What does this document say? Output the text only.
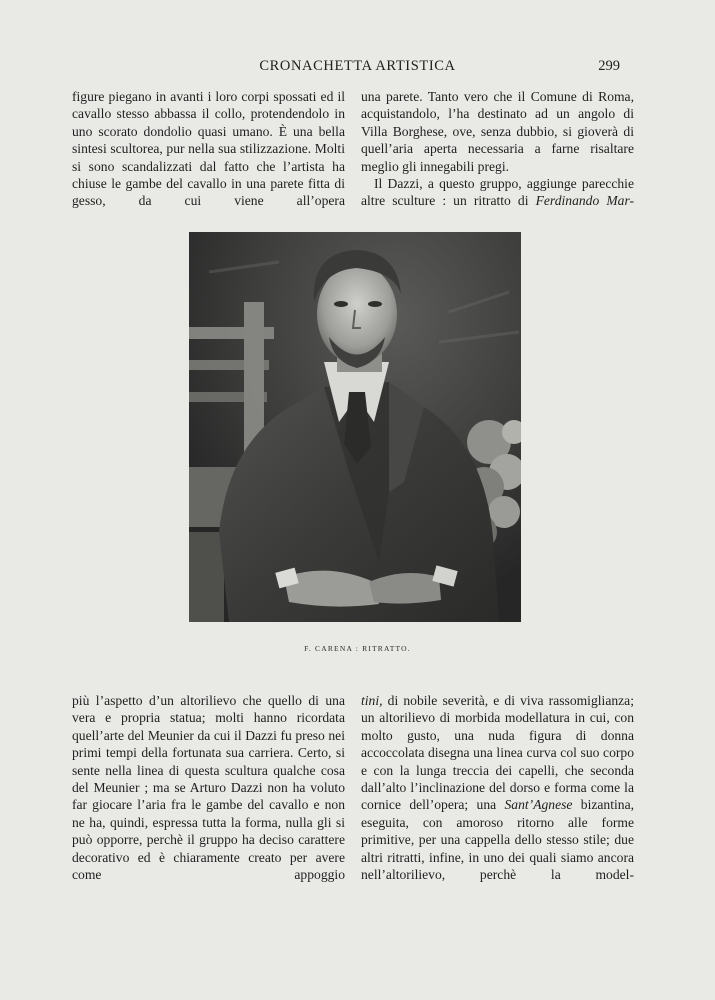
CRONACHETTA ARTISTICA	299

figure piegano in avanti i loro corpi spossati ed il cavallo stesso abbassa il collo, protendendolo in uno scorato dondolio quasi umano. È una bella sintesi scultorea, pur nella sua stilizzazione. Molti si sono scandalizzati dal fatto che l’artista ha chiuse le gambe del cavallo in una parete fitta di gesso, da cui viene all’opera

una parete. Tanto vero che il Comune di Roma, acquistandolo, l’ha destinato ad un angolo di Villa Borghese, ove, senza dubbio, si gioverà di quell’aria aperta necessaria a farne risaltare meglio gli innegabili pregi.

Il Dazzi, a questo gruppo, aggiunge parecchie altre sculture : un ritratto di Ferdinando Mar-

F. CARENA : RITRATTO.

più l’aspetto d’un altorilievo che quello di una vera e propria statua; molti hanno ricordata quell’arte del Meunier da cui il Dazzi fu preso nei primi tempi della fortunata sua carriera. Certo, si sente nella linea di questa scultura qualche cosa del Meunier ; ma se Arturo Dazzi non ha voluto far giocare l’aria fra le gambe del cavallo e non ne ha, quindi, espressa tutta la forma, nulla gli si può opporre, perchè il gruppo ha deciso carattere decorativo ed è chiaramente creato per avere come appoggio

tini, di nobile severità, e di viva rassomiglianza; un altorilievo di morbida modellatura in cui, con molto gusto, una nuda figura di donna accoccolata disegna una linea curva col suo corpo e con la lunga treccia dei capelli, che seconda dall’alto l’inclinazione del dorso e forma come la cornice dell’opera; una Sant’Agnese bizantina, eseguita, con amoroso ritorno alle forme primitive, per una cappella dello stesso stile; due altri ritratti, infine, in uno dei quali siamo ancora nell’altorilievo, perchè la model-
